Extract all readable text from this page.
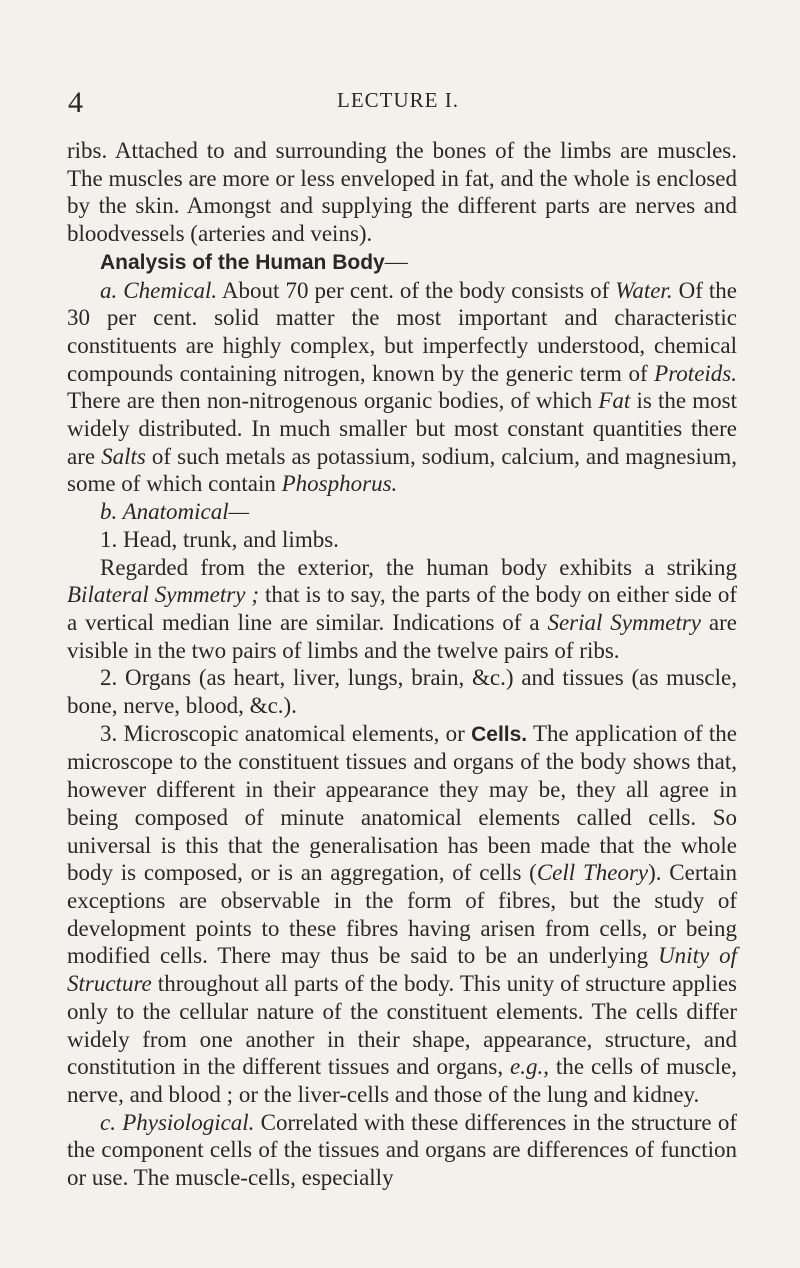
4	LECTURE I.

ribs. Attached to and surrounding the bones of the limbs are muscles. The muscles are more or less enveloped in fat, and the whole is enclosed by the skin. Amongst and supplying the different parts are nerves and bloodvessels (arteries and veins).

Analysis of the Human Body—

a. Chemical. About 70 per cent. of the body consists of Water. Of the 30 per cent. solid matter the most important and characteristic constituents are highly complex, but imperfectly understood, chemical compounds containing nitrogen, known by the generic term of Proteids. There are then non-nitrogenous organic bodies, of which Fat is the most widely distributed. In much smaller but most constant quantities there are Salts of such metals as potassium, sodium, calcium, and magnesium, some of which contain Phosphorus.

b. Anatomical—

1. Head, trunk, and limbs.

Regarded from the exterior, the human body exhibits a striking Bilateral Symmetry ; that is to say, the parts of the body on either side of a vertical median line are similar. Indications of a Serial Symmetry are visible in the two pairs of limbs and the twelve pairs of ribs.

2. Organs (as heart, liver, lungs, brain, &c.) and tissues (as muscle, bone, nerve, blood, &c.).

3. Microscopic anatomical elements, or Cells. The application of the microscope to the constituent tissues and organs of the body shows that, however different in their appearance they may be, they all agree in being composed of minute anatomical elements called cells. So universal is this that the generalisation has been made that the whole body is composed, or is an aggregation, of cells (Cell Theory). Certain exceptions are observable in the form of fibres, but the study of development points to these fibres having arisen from cells, or being modified cells. There may thus be said to be an underlying Unity of Structure throughout all parts of the body. This unity of structure applies only to the cellular nature of the constituent elements. The cells differ widely from one another in their shape, appearance, structure, and constitution in the different tissues and organs, e.g., the cells of muscle, nerve, and blood ; or the liver-cells and those of the lung and kidney.

c. Physiological. Correlated with these differences in the structure of the component cells of the tissues and organs are differences of function or use. The muscle-cells, especially
